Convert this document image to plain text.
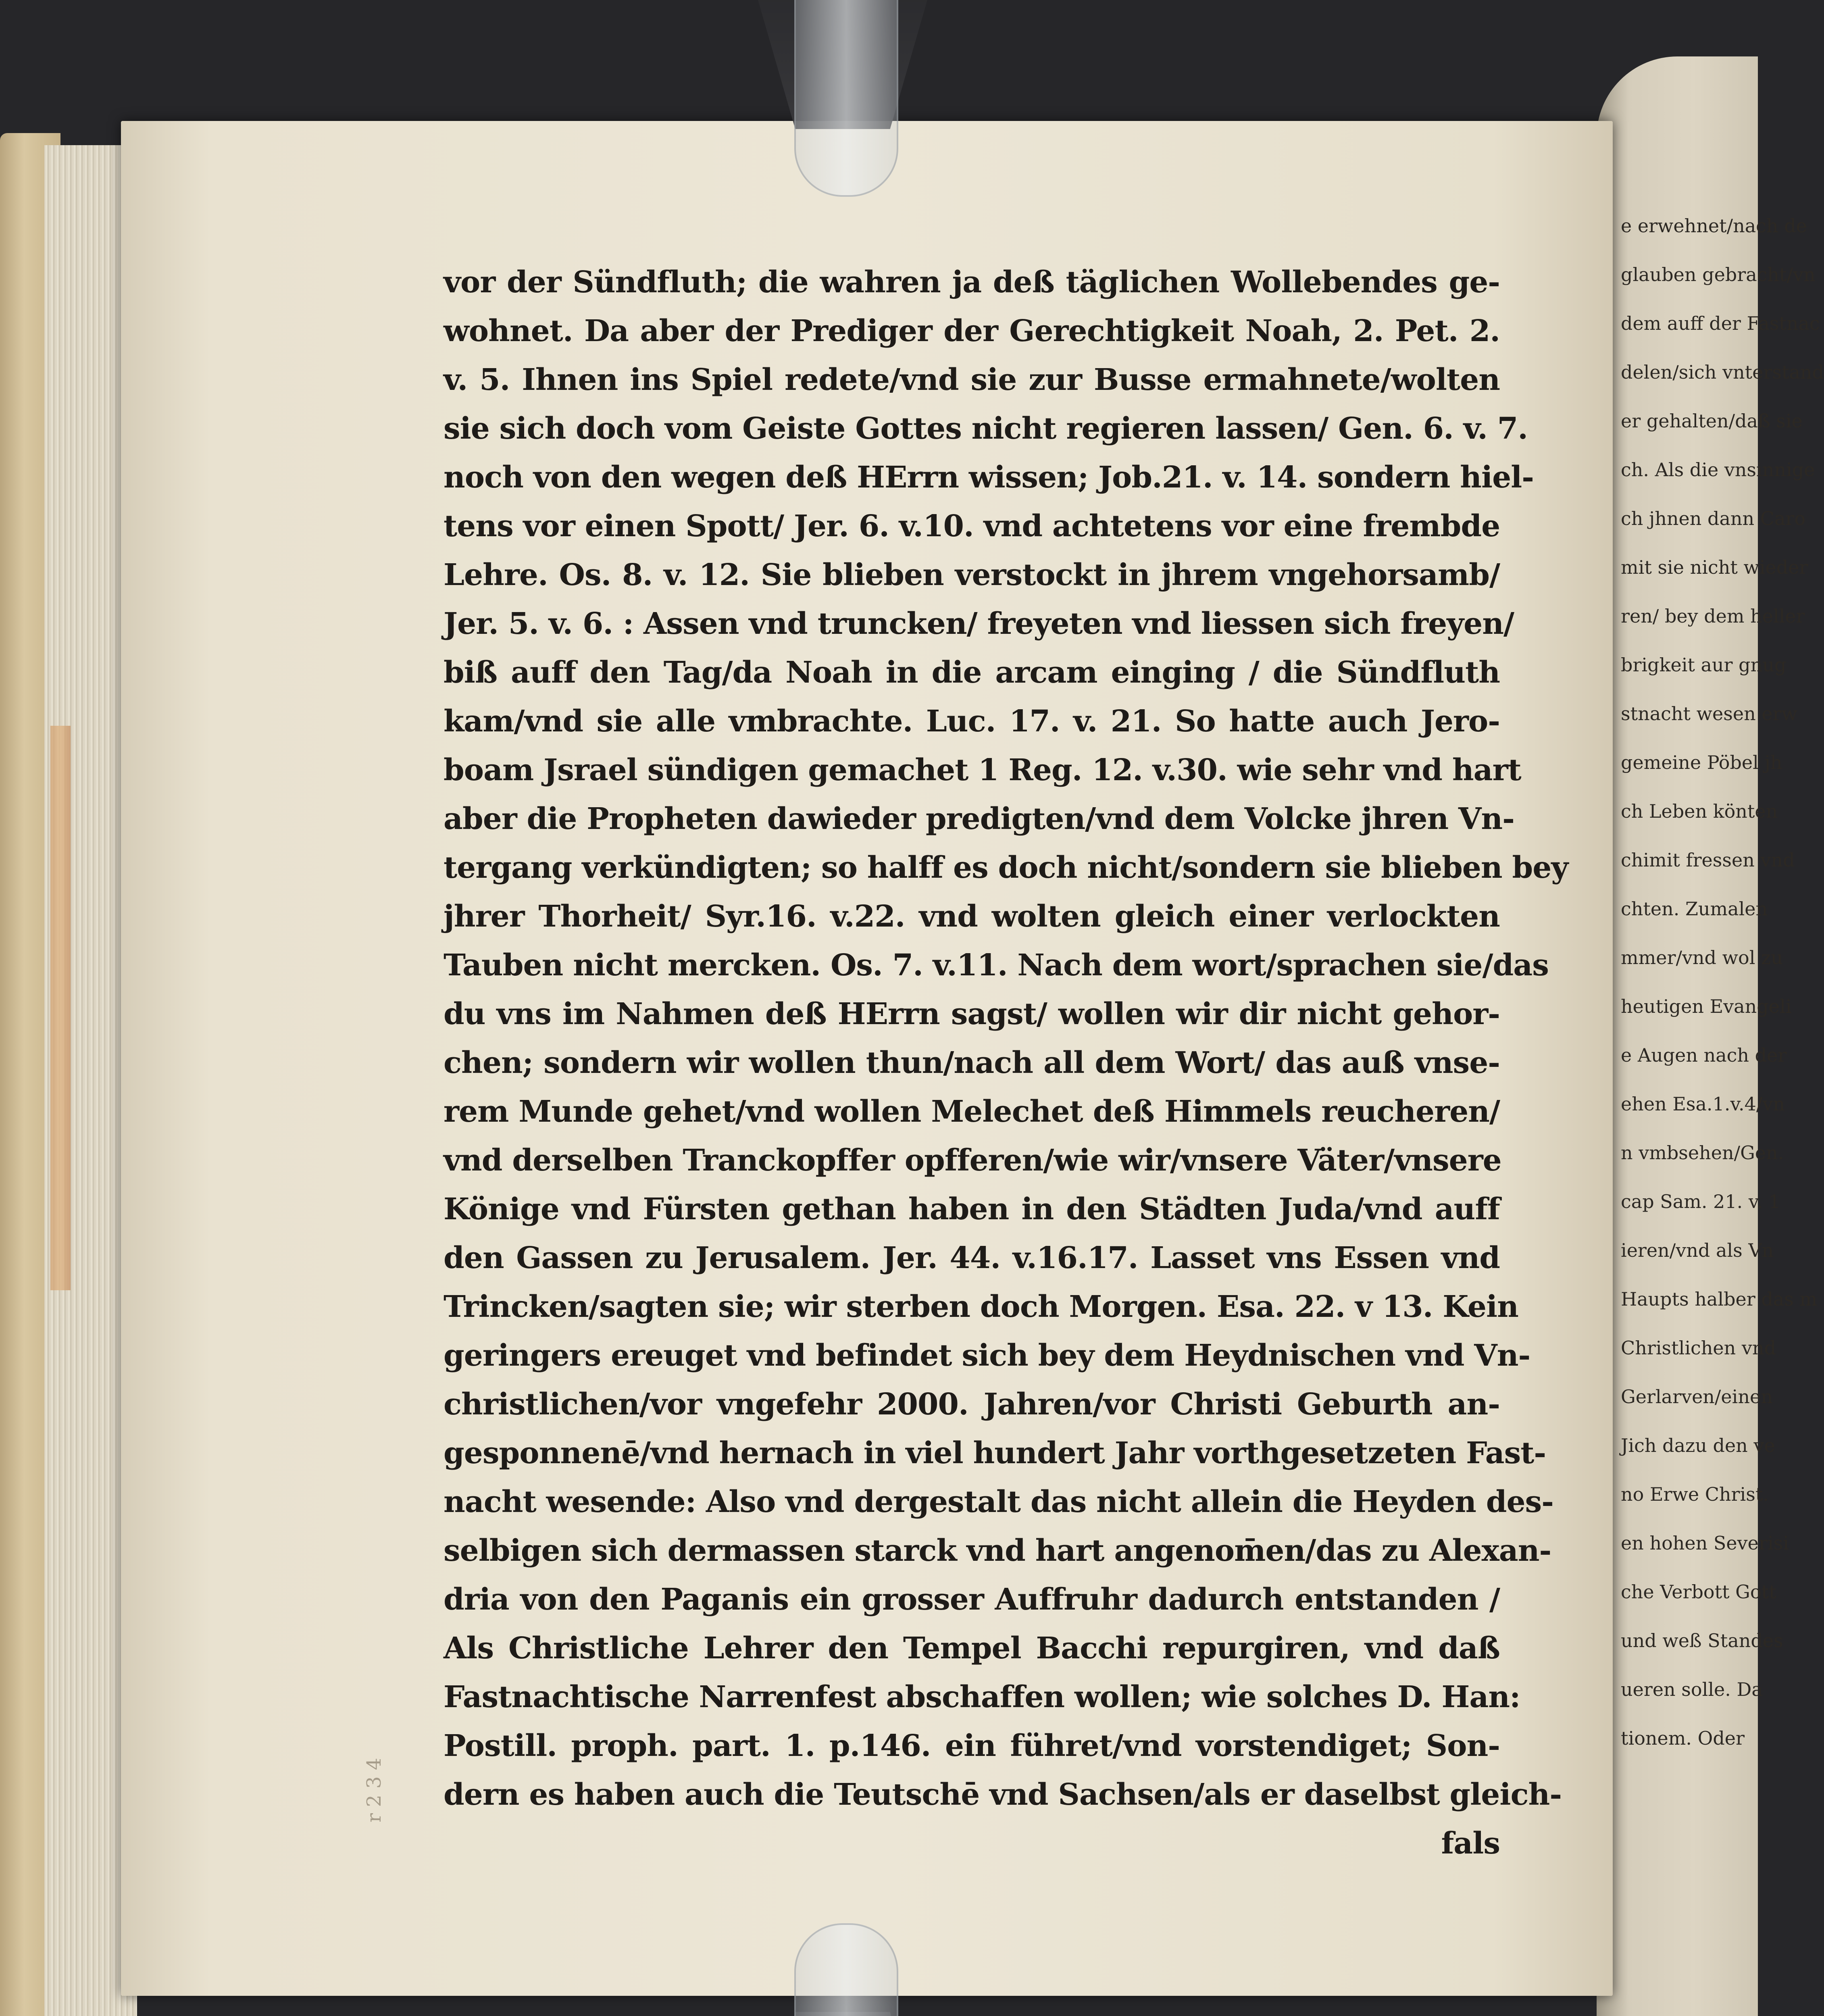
e erwehnet/nach de
glauben gebracht/vn
dem auff der Fastnac
delen/sich vnterstand
er gehalten/daß sie
ch. Als die vnsinnige
ch jhnen dann Caro
mit sie nicht wieder
ren/ bey dem heller
brigkeit aur gnug
stnacht wesen erw
gemeine Pöbel jh
ch Leben könten
chimit fressen vnd
chten. Zumalen
mmer/vnd wol zu
heutigen Evangeli
e Augen nach der
ehen Esa.1.v.4/vn
n vmbsehen/Gen.
cap Sam. 21. v. 1
ieren/vnd als Vn
Haupts halber das m
Christlichen vnd
Gerlarven/einen
Jich dazu den ve
no Erwe Christ.
en hohen Severisi
che Verbott Gott
und weß Standes
ueren solle. Da
tionem. Oder
vor der Sündfluth; die wahren ja deß täglichen Wollebendes ge-
wohnet. Da aber der Prediger der Gerechtigkeit Noah, 2. Pet. 2.
v. 5. Ihnen ins Spiel redete/vnd sie zur Busse ermahnete/wolten
sie sich doch vom Geiste Gottes nicht regieren lassen/ Gen. 6. v. 7.
noch von den wegen deß HErrn wissen; Job.21. v. 14. sondern hiel-
tens vor einen Spott/ Jer. 6. v.10. vnd achtetens vor eine frembde
Lehre. Os. 8. v. 12. Sie blieben verstockt in jhrem vngehorsamb/
Jer. 5. v. 6. : Assen vnd truncken/ freyeten vnd liessen sich freyen/
biß auff den Tag/da Noah in die arcam einging / die Sündfluth
kam/vnd sie alle vmbrachte. Luc. 17. v. 21. So hatte auch Jero-
boam Jsrael sündigen gemachet 1 Reg. 12. v.30. wie sehr vnd hart
aber die Propheten dawieder predigten/vnd dem Volcke jhren Vn-
tergang verkündigten; so halff es doch nicht/sondern sie blieben bey
jhrer Thorheit/ Syr.16. v.22. vnd wolten gleich einer verlockten
Tauben nicht mercken. Os. 7. v.11. Nach dem wort/sprachen sie/das
du vns im Nahmen deß HErrn sagst/ wollen wir dir nicht gehor-
chen; sondern wir wollen thun/nach all dem Wort/ das auß vnse-
rem Munde gehet/vnd wollen Melechet deß Himmels reucheren/
vnd derselben Tranckopffer opfferen/wie wir/vnsere Väter/vnsere
Könige vnd Fürsten gethan haben in den Städten Juda/vnd auff
den Gassen zu Jerusalem. Jer. 44. v.16.17. Lasset vns Essen vnd
Trincken/sagten sie; wir sterben doch Morgen. Esa. 22. v 13. Kein
geringers ereuget vnd befindet sich bey dem Heydnischen vnd Vn-
christlichen/vor vngefehr 2000. Jahren/vor Christi Geburth an-
gesponnenē/vnd hernach in viel hundert Jahr vorthgesetzeten Fast-
nacht wesende: Also vnd dergestalt das nicht allein die Heyden des-
selbigen sich dermassen starck vnd hart angenom̄en/das zu Alexan-
dria von den Paganis ein grosser Auffruhr dadurch entstanden /
Als Christliche Lehrer den Tempel Bacchi repurgiren, vnd daß
Fastnachtische Narrenfest abschaffen wollen; wie solches D. Han:
Postill. proph. part. 1. p.146. ein führet/vnd vorstendiget; Son-
dern es haben auch die Teutschē vnd Sachsen/als er daselbst gleich-
fals
r 2 3 4
